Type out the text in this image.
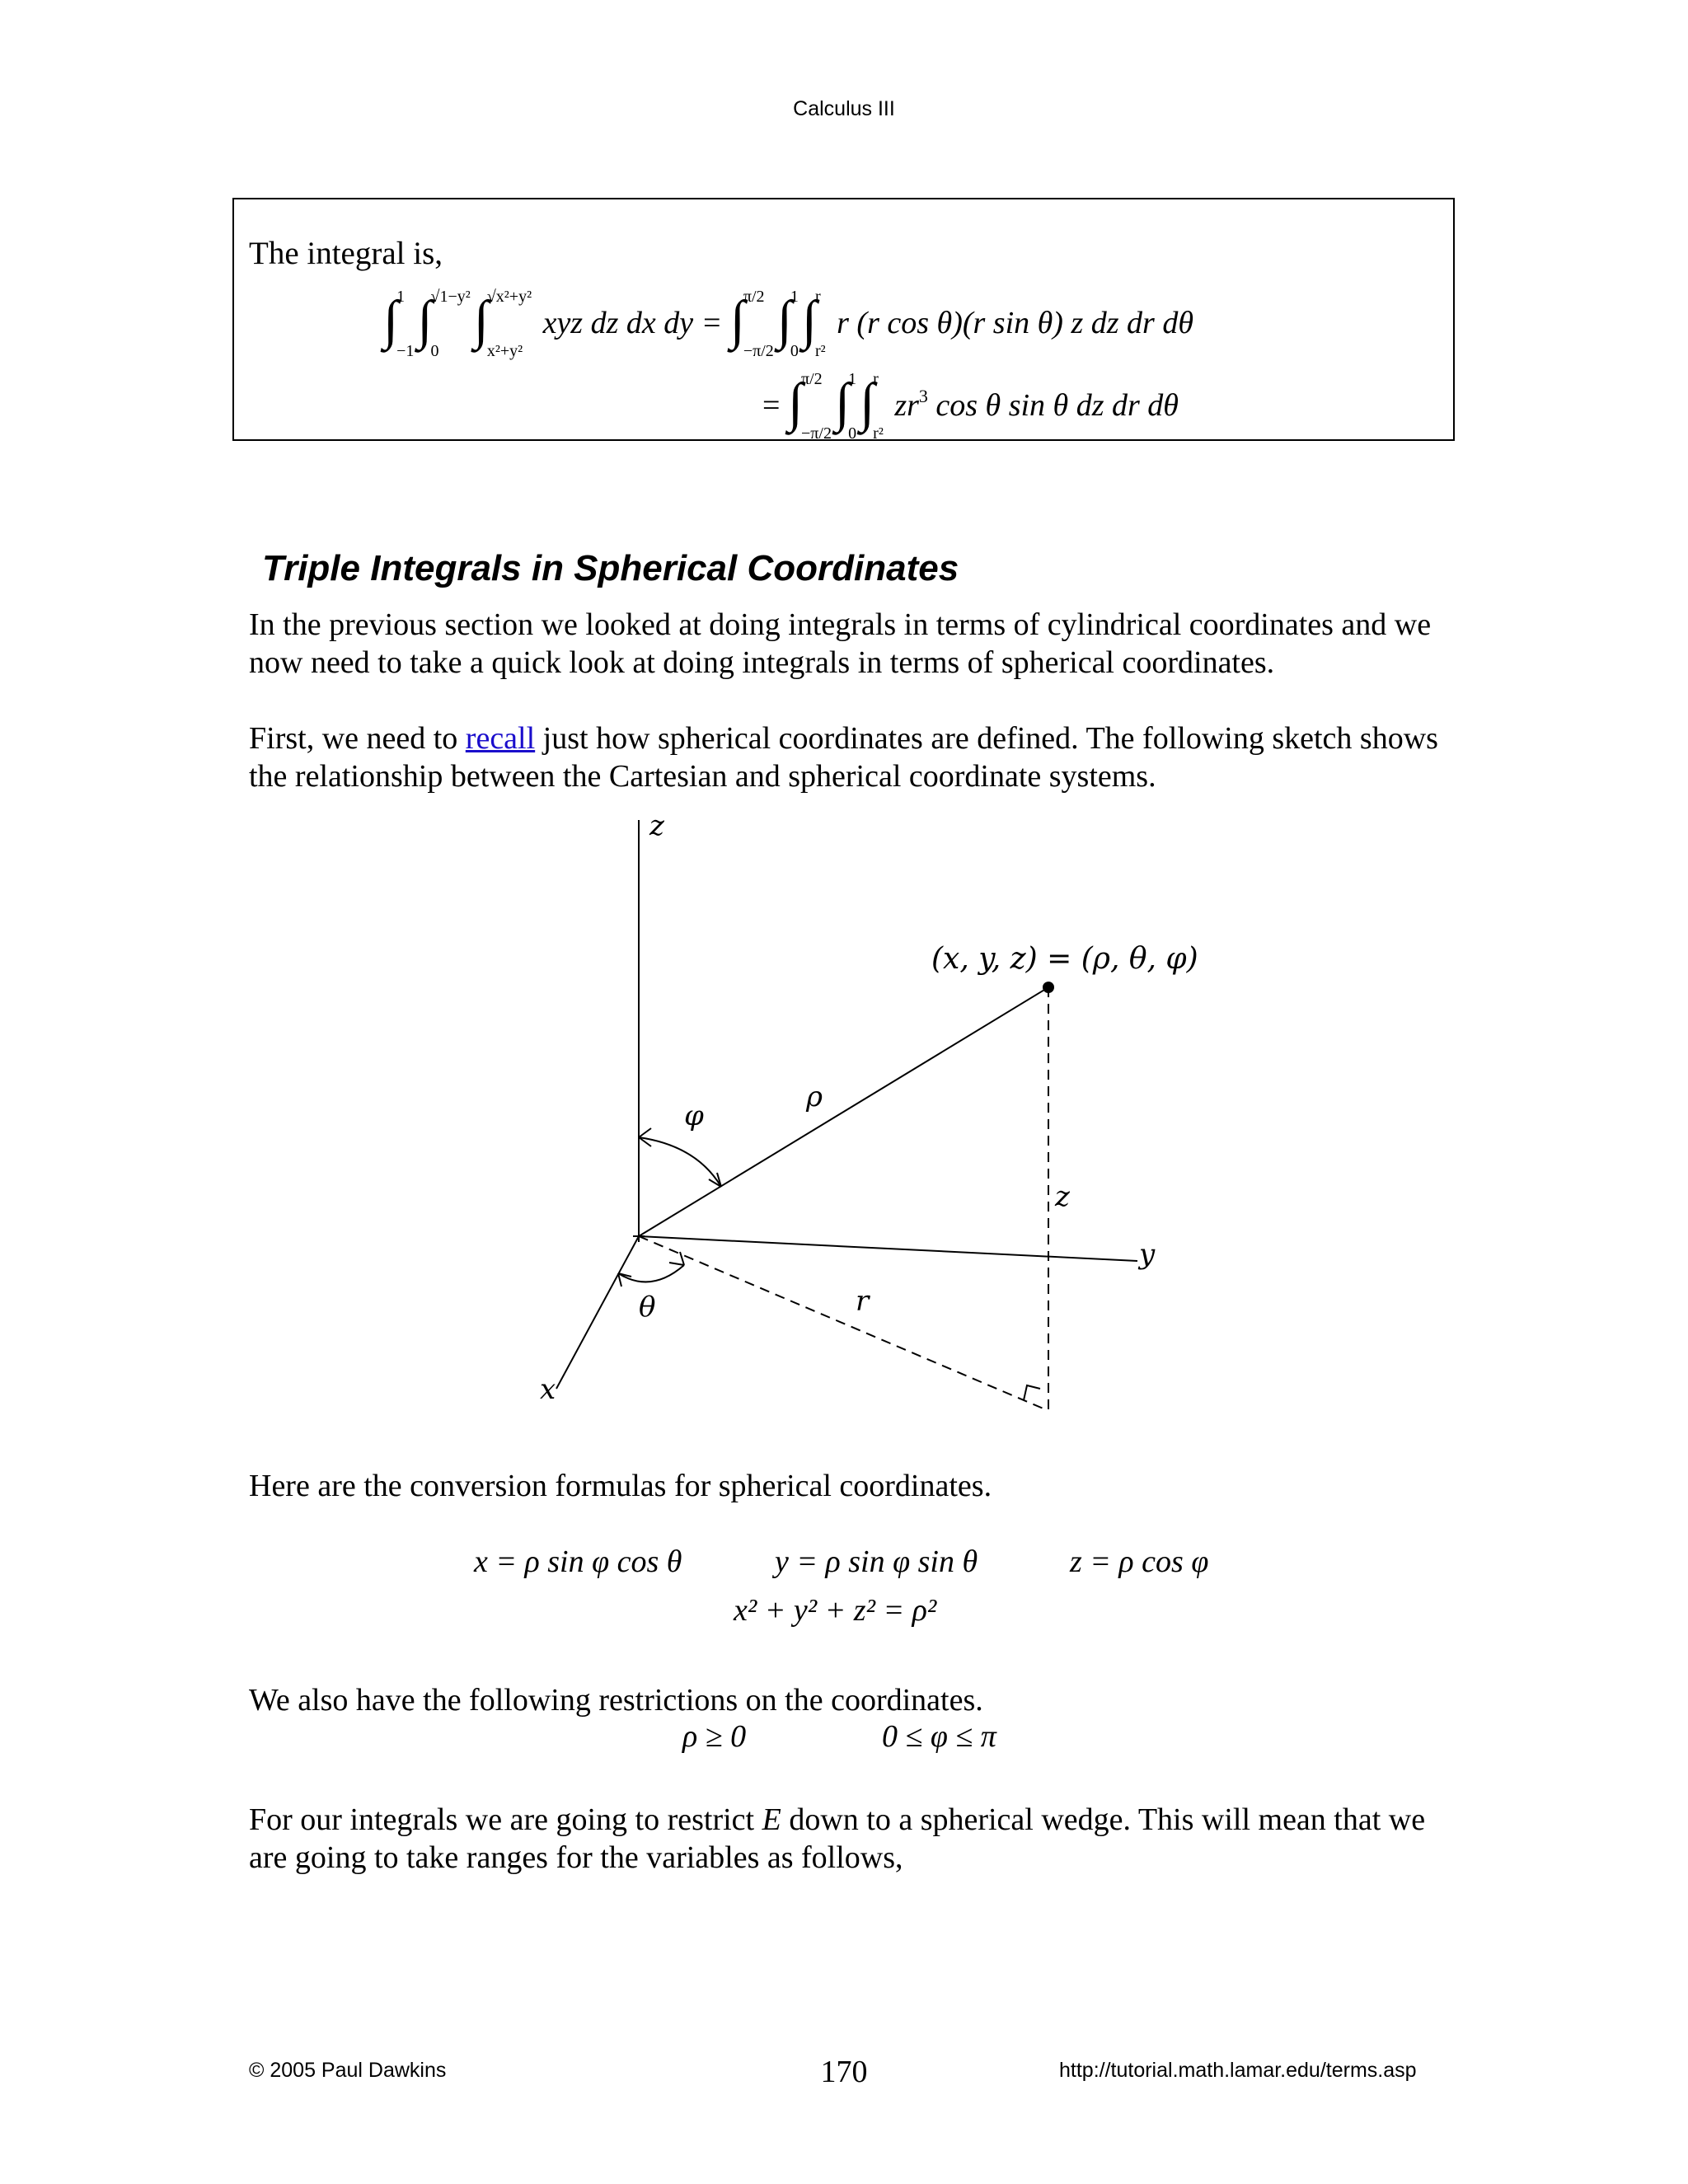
Calculus III
The integral is,
∫
1
−1
∫
√1−y²
0
∫
√x²+y²
x²+y²
xyz dz dx dy = ∫
π/2
−π/2
∫
1
0
∫
r
r²
r (r cos θ)(r sin θ) z dz dr dθ
= ∫
π/2
−π/2
∫
1
0
∫
r
r²
$zr^3$ cos θ sin θ dz dr dθ
Triple Integrals in Spherical Coordinates
In the previous section we looked at doing integrals in terms of cylindrical coordinates and we now need to take a quick look at doing integrals in terms of spherical coordinates.
First, we need to recall just how spherical coordinates are defined. The following sketch shows the relationship between the Cartesian and spherical coordinate systems.
z
y
x
(x, y, z) = (ρ, θ, φ)
ρ
φ
θ	r
z
Here are the conversion formulas for spherical coordinates.
x = ρ sin φ cos θ	y = ρ sin φ sin θ	z = ρ cos φ
x² + y² + z² = ρ²
We also have the following restrictions on the coordinates.
ρ ≥ 0	0 ≤ φ ≤ π
For our integrals we are going to restrict E down to a spherical wedge. This will mean that we are going to take ranges for the variables as follows,
© 2005 Paul Dawkins	170	http://tutorial.math.lamar.edu/terms.asp
